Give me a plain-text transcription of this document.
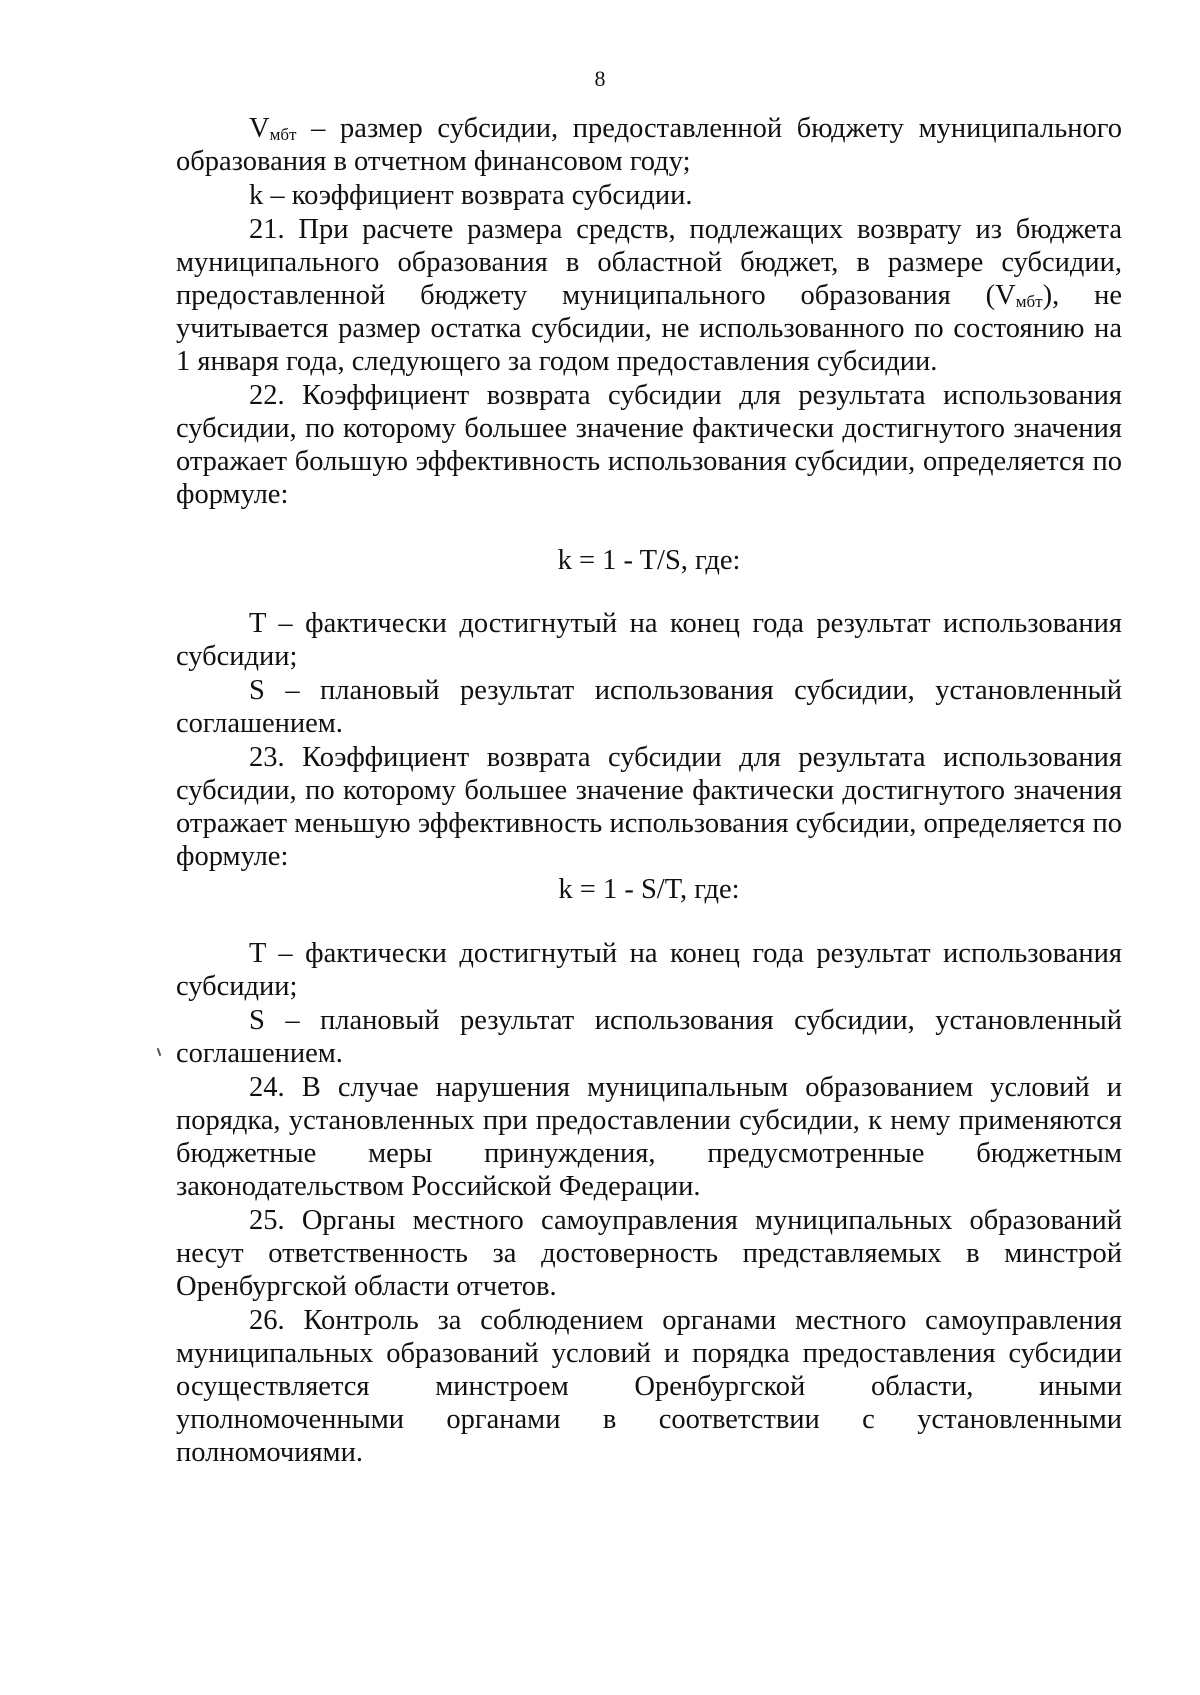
8

$V_{мбт}$ – размер субсидии, предоставленной бюджету муниципального образования в отчетном финансовом году;

k – коэффициент возврата субсидии.

21. При расчете размера средств, подлежащих возврату из бюджета муниципального образования в областной бюджет, в размере субсидии, предоставленной бюджету муниципального образования $(V_{мбт})$, не учитывается размер остатка субсидии, не использованного по состоянию на 1 января года, следующего за годом предоставления субсидии.

22. Коэффициент возврата субсидии для результата использования субсидии, по которому большее значение фактически достигнутого значения отражает большую эффективность использования субсидии, определяется по формуле:

k = 1 - T/S, где:

T – фактически достигнутый на конец года результат использования субсидии;

S – плановый результат использования субсидии, установленный соглашением.

23. Коэффициент возврата субсидии для результата использования субсидии, по которому большее значение фактически достигнутого значения отражает меньшую эффективность использования субсидии, определяется по формуле:

k = 1 - S/T, где:

T – фактически достигнутый на конец года результат использования субсидии;

S – плановый результат использования субсидии, установленный соглашением.

24. В случае нарушения муниципальным образованием условий и порядка, установленных при предоставлении субсидии, к нему применяются бюджетные меры принуждения, предусмотренные бюджетным законодательством Российской Федерации.

25. Органы местного самоуправления муниципальных образований несут ответственность за достоверность представляемых в минстрой Оренбургской области отчетов.

26. Контроль за соблюдением органами местного самоуправления муниципальных образований условий и порядка предоставления субсидии осуществляется минстроем Оренбургской области, иными уполномоченными органами в соответствии с установленными полномочиями.
